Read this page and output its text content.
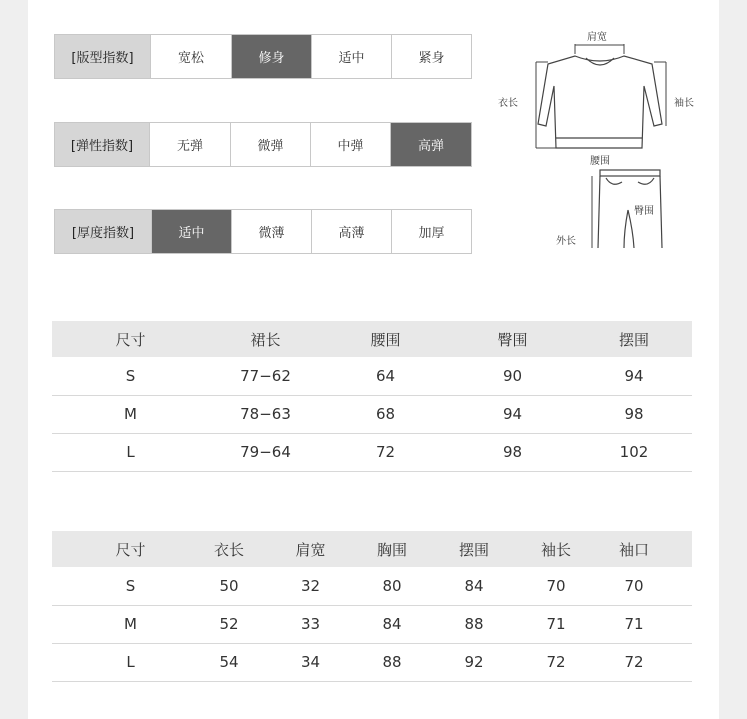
[版型指数]	宽松	修身	适中	紧身
[弹性指数]	无弹	微弹	中弹	高弹
[厚度指数]	适中	微薄	高薄	加厚
肩宽
衣长	袖长
腰围
臀围
外长
尺寸	裙长	腰围	臀围	摆围
S	77−62	64	90	94
M	78−63	68	94	98
L	79−64	72	98	102
尺寸	衣长	肩宽	胸围	摆围	袖长	袖口
S	50	32	80	84	70	70
M	52	33	84	88	71	71
L	54	34	88	92	72	72
